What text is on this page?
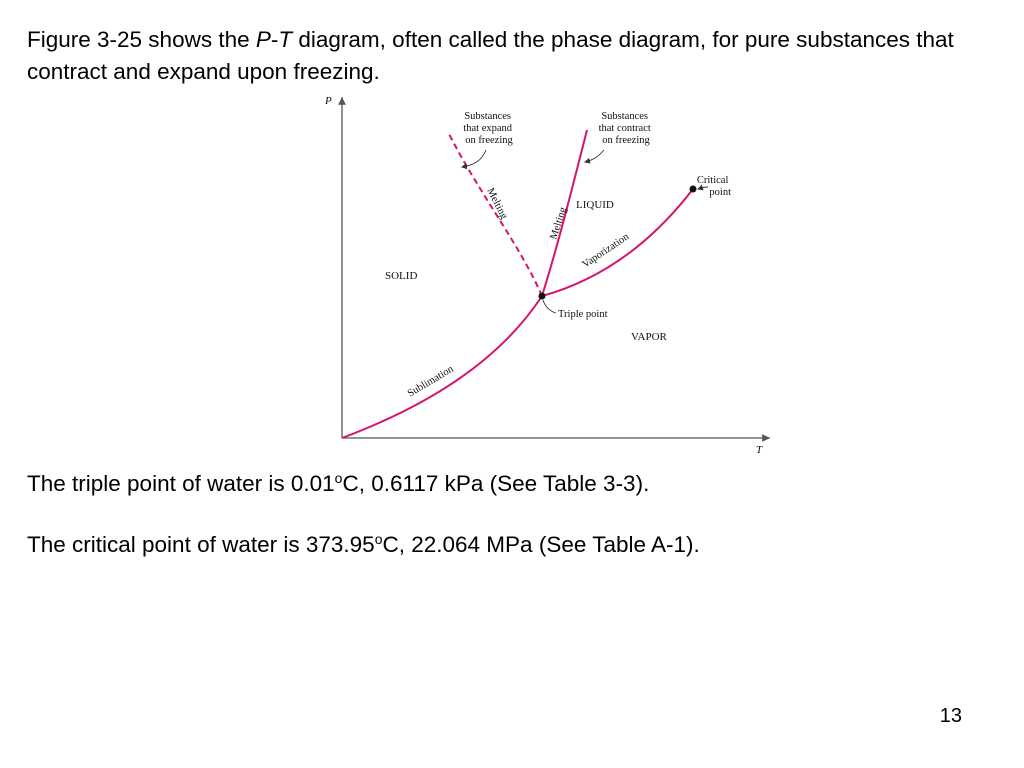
Figure 3-25 shows the P-T diagram, often called the phase diagram, for pure substances that contract and expand upon freezing.

P
T
SOLID
LIQUID
VAPOR
Melting
Melting
Vaporization
Sublimation
Substances that expand on freezing
Substances that contract on freezing
Critical point
Triple point

The triple point of water is 0.01$^o$C, 0.6117 kPa (See Table 3-3).

The critical point of water is 373.95$^o$C, 22.064 MPa (See Table A-1).

13
